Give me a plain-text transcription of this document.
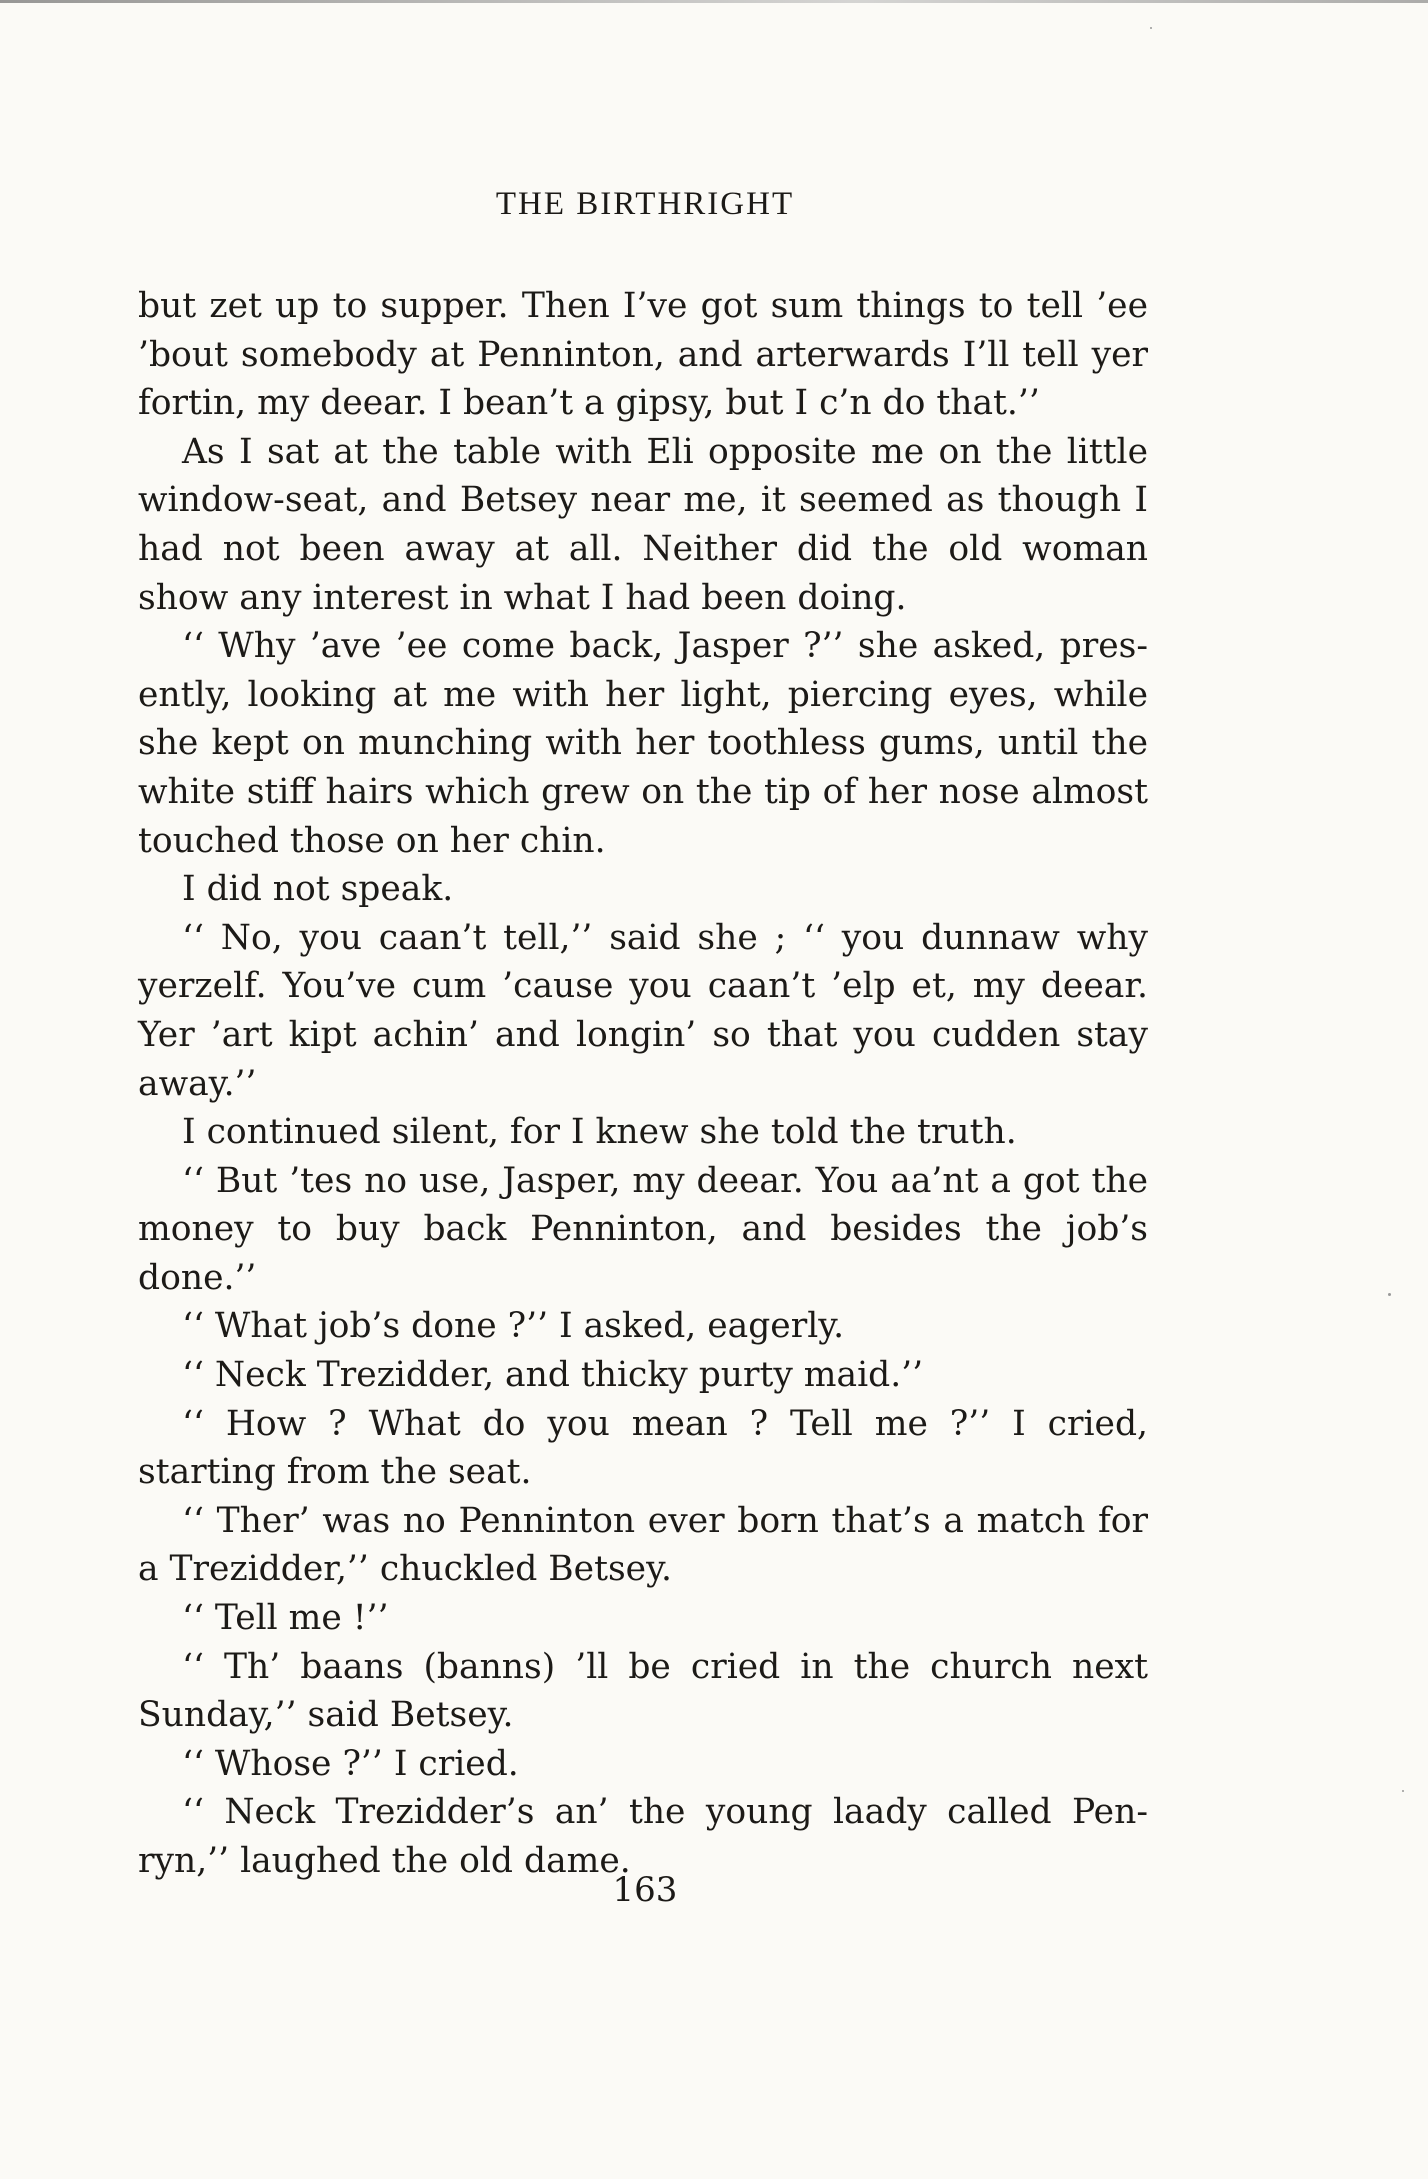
THE BIRTHRIGHT

but zet up to supper. Then I’ve got sum things to tell ’ee ’bout somebody at Penninton, and arterwards I’ll tell yer fortin, my deear. I bean’t a gipsy, but I c’n do that.’’

As I sat at the table with Eli opposite me on the little window-seat, and Betsey near me, it seemed as though I had not been away at all. Neither did the old woman show any interest in what I had been doing.

‘‘ Why ’ave ’ee come back, Jasper ?’’ she asked, presently, looking at me with her light, piercing eyes, while she kept on munching with her toothless gums, until the white stiff hairs which grew on the tip of her nose almost touched those on her chin.

I did not speak.

‘‘ No, you caan’t tell,’’ said she ; ‘‘ you dunnaw why yerzelf. You’ve cum ’cause you caan’t ’elp et, my deear. Yer ’art kipt achin’ and longin’ so that you cudden stay away.’’

I continued silent, for I knew she told the truth.

‘‘ But ’tes no use, Jasper, my deear. You aa’nt a got the money to buy back Penninton, and besides the job’s done.’’

‘‘ What job’s done ?’’ I asked, eagerly.

‘‘ Neck Trezidder, and thicky purty maid.’’

‘‘ How ? What do you mean ? Tell me ?’’ I cried, starting from the seat.

‘‘ Ther’ was no Penninton ever born that’s a match for a Trezidder,’’ chuckled Betsey.

‘‘ Tell me !’’

‘‘ Th’ baans (banns) ’ll be cried in the church next Sunday,’’ said Betsey.

‘‘ Whose ?’’ I cried.

‘‘ Neck Trezidder’s an’ the young laady called Penryn,’’ laughed the old dame.

163
